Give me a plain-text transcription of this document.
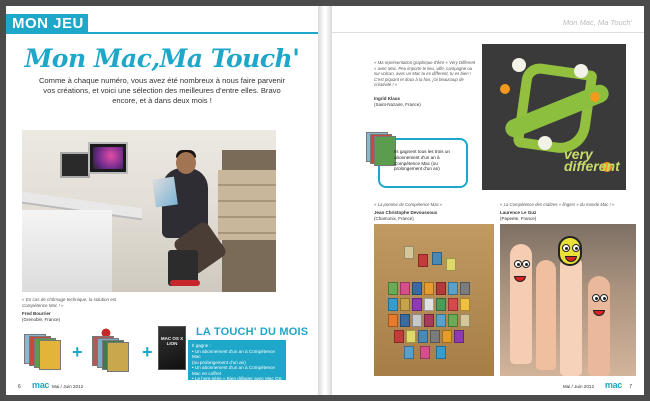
MON JEU
Mon Mac,Ma Touch'
Comme à chaque numéro, vous avez été nombreux à nous faire parvenir vos créations, et voici une sélection des meilleures d'entre elles. Bravo encore, et à dans deux mois !
« En cas de chômage technique, la solution est Compétence Mac ! »
Fred Bourrier
(Grenoble, France)
+	+
MAC OS X LION
LA TOUCH' DU MOIS
Il gagne :
• Un abonnement d'un an à Compétence Mac
(ou prolongement d'un an)
• Un abonnement d'un an à Compétence Mac en coffret
• Le hors-série « Bien débuter avec Mac OS X Lion ».
6 mac Mai / Juin 2012
Mon Mac, Ma Touch'
« Ma représentation graphique d'être « Very Different » avec Mac. Peu importe le lieu, ville, campagne ou sur volcan, avec un Mac tu es different, tu es bien ! C'est piquant et doux à la fois, j'ai beaucoup de créativité ! »
Ingrid Klaus
(Saint-Nazaire, France)
very
different
Ils gagnent tous les trois un abonnement d'un an à Compétence Mac (ou prolongement d'un an)
« La pomme de Compétence Mac »
Jean Christophe Devoussoux
(Chamonix, France)
« La Compétence des maîtres « fingers » du monde Mac ! »
Laurence Le Guz
(Papeete, France)
Mai / Juin 2012 mac 7
